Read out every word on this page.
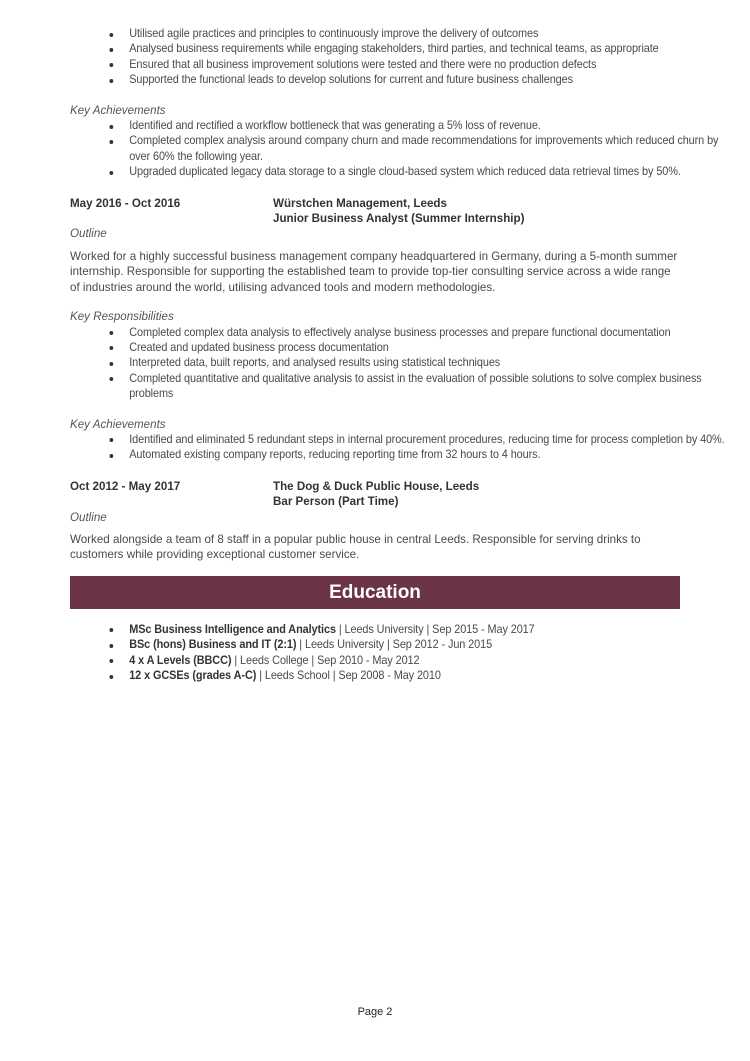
Utilised agile practices and principles to continuously improve the delivery of outcomes
Analysed business requirements while engaging stakeholders, third parties, and technical teams, as appropriate
Ensured that all business improvement solutions were tested and there were no production defects
Supported the functional leads to develop solutions for current and future business challenges
Key Achievements
Identified and rectified a workflow bottleneck that was generating a 5% loss of revenue.
Completed complex analysis around company churn and made recommendations for improvements which reduced churn by over 60% the following year.
Upgraded duplicated legacy data storage to a single cloud-based system which reduced data retrieval times by 50%.
May 2016 - Oct 2016	Würstchen Management, Leeds
Junior Business Analyst (Summer Internship)
Outline
Worked for a highly successful business management company headquartered in Germany, during a 5-month summer internship. Responsible for supporting the established team to provide top-tier consulting service across a wide range of industries around the world, utilising advanced tools and modern methodologies.
Key Responsibilities
Completed complex data analysis to effectively analyse business processes and prepare functional documentation
Created and updated business process documentation
Interpreted data, built reports, and analysed results using statistical techniques
Completed quantitative and qualitative analysis to assist in the evaluation of possible solutions to solve complex business problems
Key Achievements
Identified and eliminated 5 redundant steps in internal procurement procedures, reducing time for process completion by 40%.
Automated existing company reports, reducing reporting time from 32 hours to 4 hours.
Oct 2012 - May 2017	The Dog & Duck Public House, Leeds
Bar Person (Part Time)
Outline
Worked alongside a team of 8 staff in a popular public house in central Leeds. Responsible for serving drinks to customers while providing exceptional customer service.
Education
MSc Business Intelligence and Analytics | Leeds University | Sep 2015 - May 2017
BSc (hons) Business and IT (2:1) | Leeds University | Sep 2012 - Jun 2015
4 x A Levels (BBCC) | Leeds College | Sep 2010 - May 2012
12 x GCSEs (grades A-C) | Leeds School | Sep 2008 - May 2010
Page 2
